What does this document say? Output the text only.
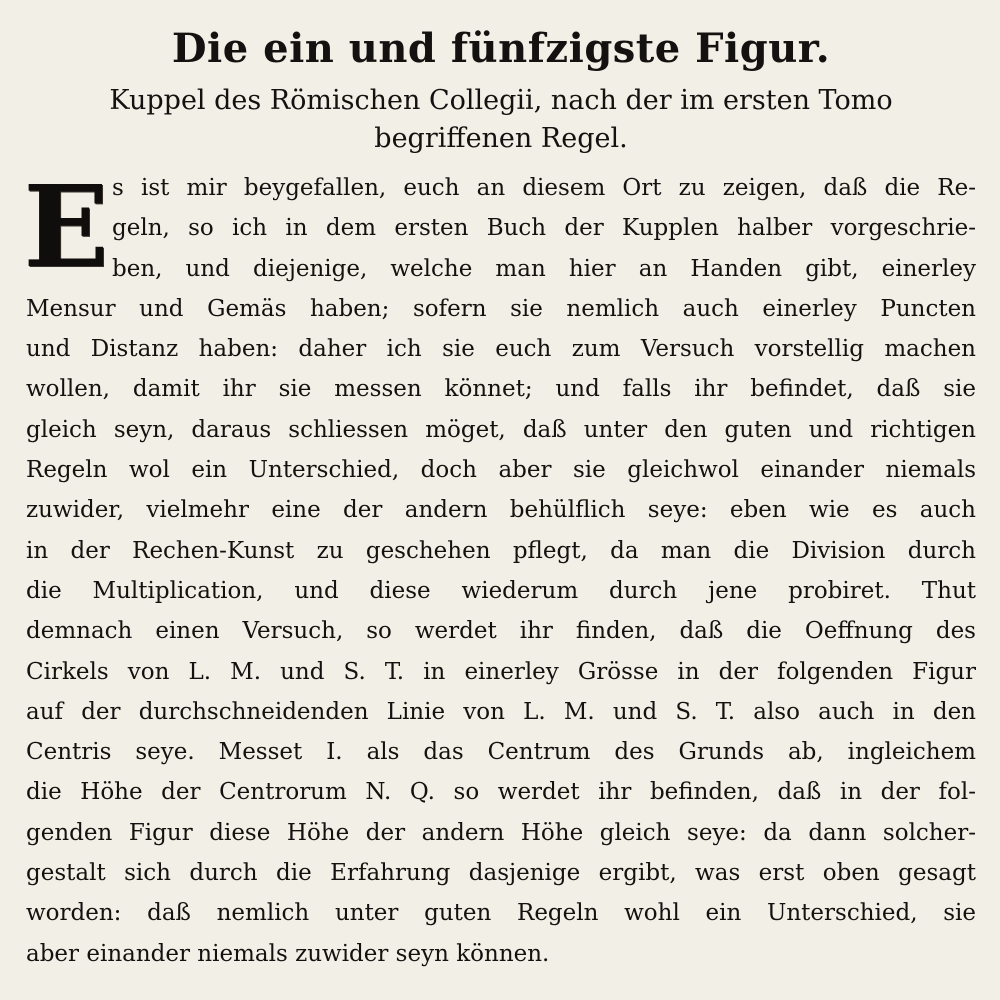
Die ein und fünfzigste Figur.
Kuppel des Römischen Collegii, nach der im ersten Tomo
begriffenen Regel.
E s ist mir beygefallen, euch an diesem Ort zu zeigen, daß die Re-
geln, so ich in dem ersten Buch der Kupplen halber vorgeschrie-
ben, und diejenige, welche man hier an Handen gibt, einerley
Mensur und Gemäs haben; sofern sie nemlich auch einerley Puncten
und Distanz haben: daher ich sie euch zum Versuch vorstellig machen
wollen, damit ihr sie messen könnet; und falls ihr befindet, daß sie
gleich seyn, daraus schliessen möget, daß unter den guten und richtigen
Regeln wol ein Unterschied, doch aber sie gleichwol einander niemals
zuwider, vielmehr eine der andern behülflich seye: eben wie es auch
in der Rechen-Kunst zu geschehen pflegt, da man die Division durch
die Multiplication, und diese wiederum durch jene probiret. Thut
demnach einen Versuch, so werdet ihr finden, daß die Oeffnung des
Cirkels von L. M. und S. T. in einerley Grösse in der folgenden Figur
auf der durchschneidenden Linie von L. M. und S. T. also auch in den
Centris seye. Messet I. als das Centrum des Grunds ab, ingleichem
die Höhe der Centrorum N. Q. so werdet ihr befinden, daß in der fol-
genden Figur diese Höhe der andern Höhe gleich seye: da dann solcher-
gestalt sich durch die Erfahrung dasjenige ergibt, was erst oben gesagt
worden: daß nemlich unter guten Regeln wohl ein Unterschied, sie
aber einander niemals zuwider seyn können.
